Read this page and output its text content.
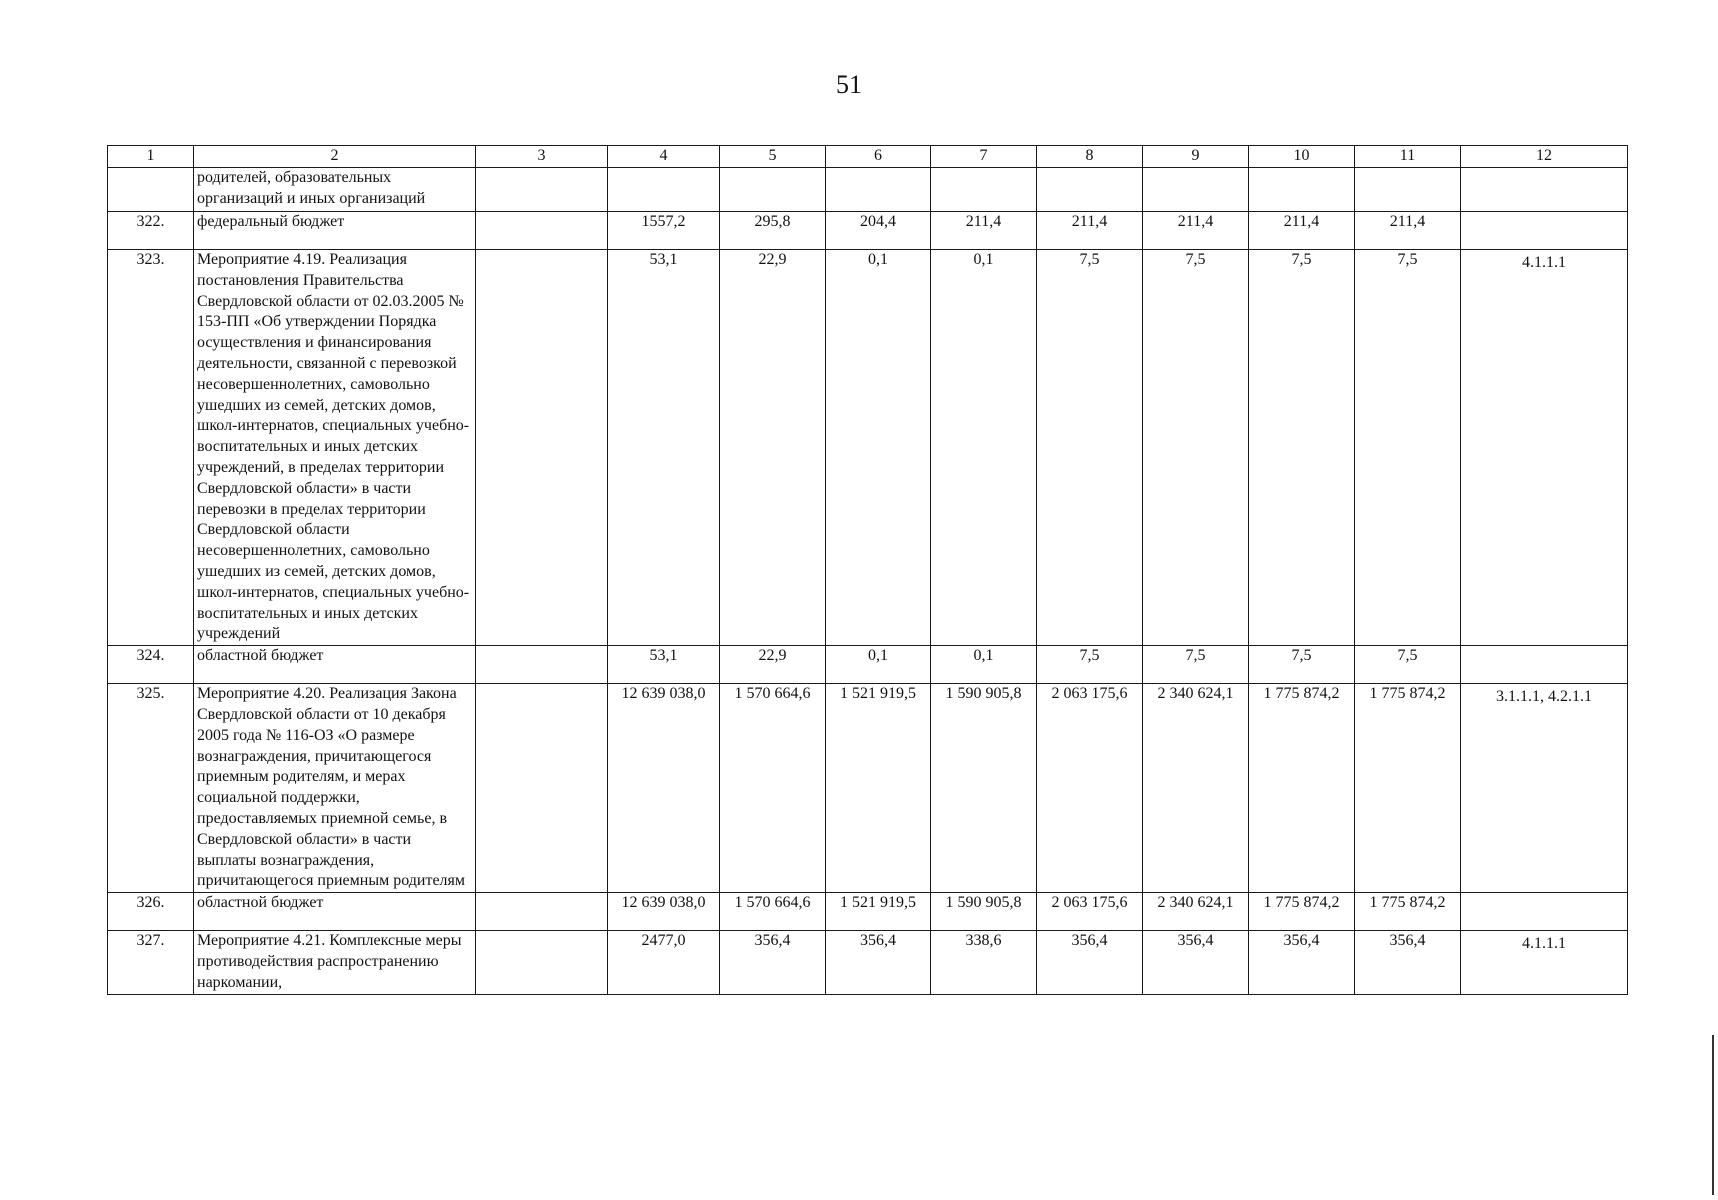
51
1	2	3	4	5	6	7	8	9	10	11	12
	родителей, образовательных организаций и иных организаций										
322.	федеральный бюджет		1557,2	295,8	204,4	211,4	211,4	211,4	211,4	211,4	
323.	Мероприятие 4.19. Реализация постановления Правительства Свердловской области от 02.03.2005 № 153-ПП «Об утверждении Порядка осуществления и финансирования деятельности, связанной с перевозкой несовершеннолетних, самовольно ушедших из семей, детских домов, школ-интернатов, специальных учебно-воспитательных и иных детских учреждений, в пределах территории Свердловской области» в части перевозки в пределах территории Свердловской области несовершеннолетних, самовольно ушедших из семей, детских домов, школ-интернатов, специальных учебно-воспитательных и иных детских учреждений		53,1	22,9	0,1	0,1	7,5	7,5	7,5	7,5	4.1.1.1
324.	областной бюджет		53,1	22,9	0,1	0,1	7,5	7,5	7,5	7,5	
325.	Мероприятие 4.20. Реализация Закона Свердловской области от 10 декабря 2005 года № 116-ОЗ «О размере вознаграждения, причитающегося приемным родителям, и мерах социальной поддержки, предоставляемых приемной семье, в Свердловской области» в части выплаты вознаграждения, причитающегося приемным родителям		12 639 038,0	1 570 664,6	1 521 919,5	1 590 905,8	2 063 175,6	2 340 624,1	1 775 874,2	1 775 874,2	3.1.1.1, 4.2.1.1
326.	областной бюджет		12 639 038,0	1 570 664,6	1 521 919,5	1 590 905,8	2 063 175,6	2 340 624,1	1 775 874,2	1 775 874,2	
327.	Мероприятие 4.21. Комплексные меры противодействия распространению наркомании,		2477,0	356,4	356,4	338,6	356,4	356,4	356,4	356,4	4.1.1.1
